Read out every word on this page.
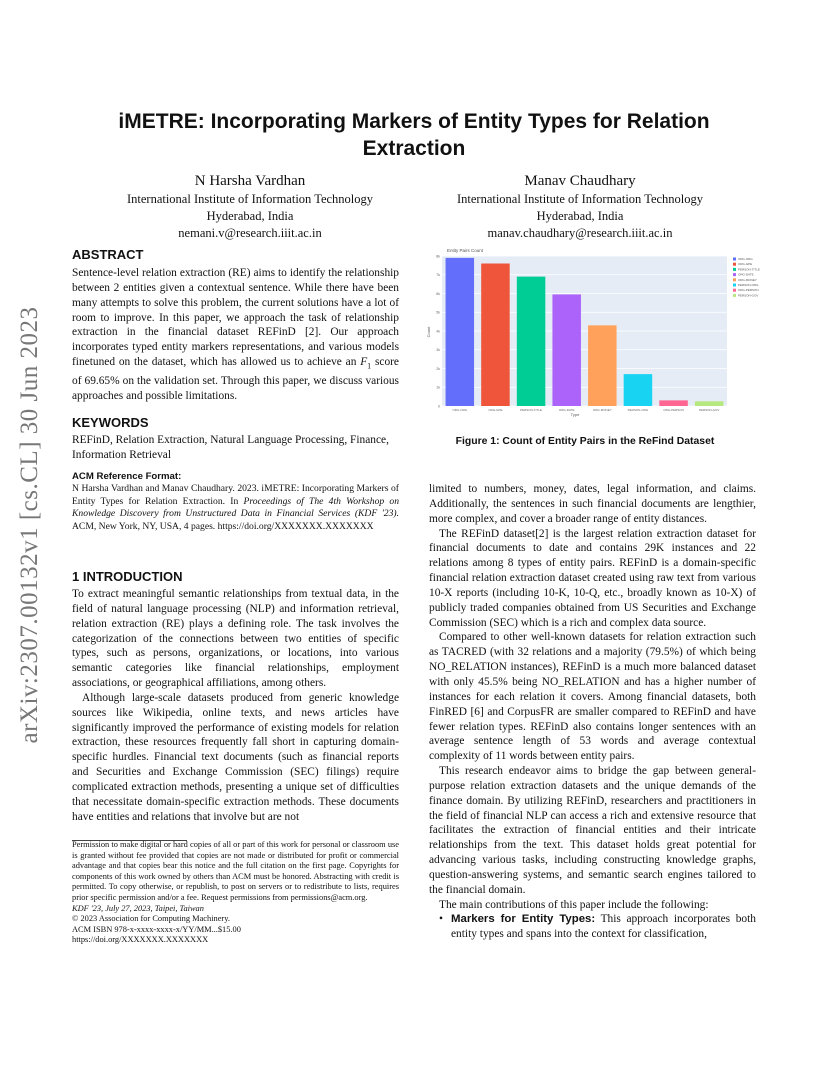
arXiv:2307.00132v1 [cs.CL] 30 Jun 2023
iMETRE: Incorporating Markers of Entity Types for Relation Extraction
N Harsha Vardhan
International Institute of Information Technology
Hyderabad, India
nemani.v@research.iiit.ac.in
Manav Chaudhary
International Institute of Information Technology
Hyderabad, India
manav.chaudhary@research.iiit.ac.in
ABSTRACT

Sentence-level relation extraction (RE) aims to identify the relationship between 2 entities given a contextual sentence. While there have been many attempts to solve this problem, the current solutions have a lot of room to improve. In this paper, we approach the task of relationship extraction in the financial dataset REFinD [2]. Our approach incorporates typed entity markers representations, and various models finetuned on the dataset, which has allowed us to achieve an $F_1$ score of 69.65% on the validation set. Through this paper, we discuss various approaches and possible limitations.

KEYWORDS
REFinD, Relation Extraction, Natural Language Processing, Finance, Information Retrieval
ACM Reference Format:
N Harsha Vardhan and Manav Chaudhary. 2023. iMETRE: Incorporating Markers of Entity Types for Relation Extraction. In Proceedings of The 4th Workshop on Knowledge Discovery from Unstructured Data in Financial Services (KDF '23). ACM, New York, NY, USA, 4 pages. https://doi.org/XXXXXXX.XXXXXXX
1 INTRODUCTION

To extract meaningful semantic relationships from textual data, in the field of natural language processing (NLP) and information retrieval, relation extraction (RE) plays a defining role. The task involves the categorization of the connections between two entities of specific types, such as persons, organizations, or locations, into various semantic categories like financial relationships, employment associations, or geographical affiliations, among others.

Although large-scale datasets produced from generic knowledge sources like Wikipedia, online texts, and news articles have significantly improved the performance of existing models for relation extraction, these resources frequently fall short in capturing domain-specific hurdles. Financial text documents (such as financial reports and Securities and Exchange Commission (SEC) filings) require complicated extraction methods, presenting a unique set of difficulties that necessitate domain-specific extraction methods. These documents have entities and relations that involve but are not

Permission to make digital or hard copies of all or part of this work for personal or classroom use is granted without fee provided that copies are not made or distributed for profit or commercial advantage and that copies bear this notice and the full citation on the first page. Copyrights for components of this work owned by others than ACM must be honored. Abstracting with credit is permitted. To copy otherwise, or republish, to post on servers or to redistribute to lists, requires prior specific permission and/or a fee. Request permissions from permissions@acm.org.

KDF '23, July 27, 2023, Taipei, Taiwan

© 2023 Association for Computing Machinery.

ACM ISBN 978-x-xxxx-xxxx-x/YY/MM...$15.00

https://doi.org/XXXXXXX.XXXXXXX

Entity Pairs Count
0
1k
2k
3k
4k
5k
6k
7k
8k
ORG-ORG	ORG-GPE	PERSON-TITLE	ORG-DATE	ORG-MONEY	PERSON-ORG	ORG-PERSON	PERSON-GOV
ORG-ORG
ORG-GPE
PERSON-TITLE
ORG-DATE
ORG-MONEY
PERSON-ORG
ORG-PERSON
PERSON-GOV
Type
Count
Figure 1: Count of Entity Pairs in the ReFind Dataset

limited to numbers, money, dates, legal information, and claims. Additionally, the sentences in such financial documents are lengthier, more complex, and cover a broader range of entity distances.

The REFinD dataset[2] is the largest relation extraction dataset for financial documents to date and contains 29K instances and 22 relations among 8 types of entity pairs. REFinD is a domain-specific financial relation extraction dataset created using raw text from various 10-X reports (including 10-K, 10-Q, etc., broadly known as 10-X) of publicly traded companies obtained from US Securities and Exchange Commission (SEC) which is a rich and complex data source.

Compared to other well-known datasets for relation extraction such as TACRED (with 32 relations and a majority (79.5%) of which being NO_RELATION instances), REFinD is a much more balanced dataset with only 45.5% being NO_RELATION and has a higher number of instances for each relation it covers. Among financial datasets, both FinRED [6] and CorpusFR are smaller compared to REFinD and have fewer relation types. REFinD also contains longer sentences with an average sentence length of 53 words and average contextual complexity of 11 words between entity pairs.

This research endeavor aims to bridge the gap between general-purpose relation extraction datasets and the unique demands of the finance domain. By utilizing REFinD, researchers and practitioners in the field of financial NLP can access a rich and extensive resource that facilitates the extraction of financial entities and their intricate relationships from the text. This dataset holds great potential for advancing various tasks, including constructing knowledge graphs, question-answering systems, and semantic search engines tailored to the financial domain.

The main contributions of this paper include the following:

• Markers for Entity Types: This approach incorporates both entity types and spans into the context for classification,
